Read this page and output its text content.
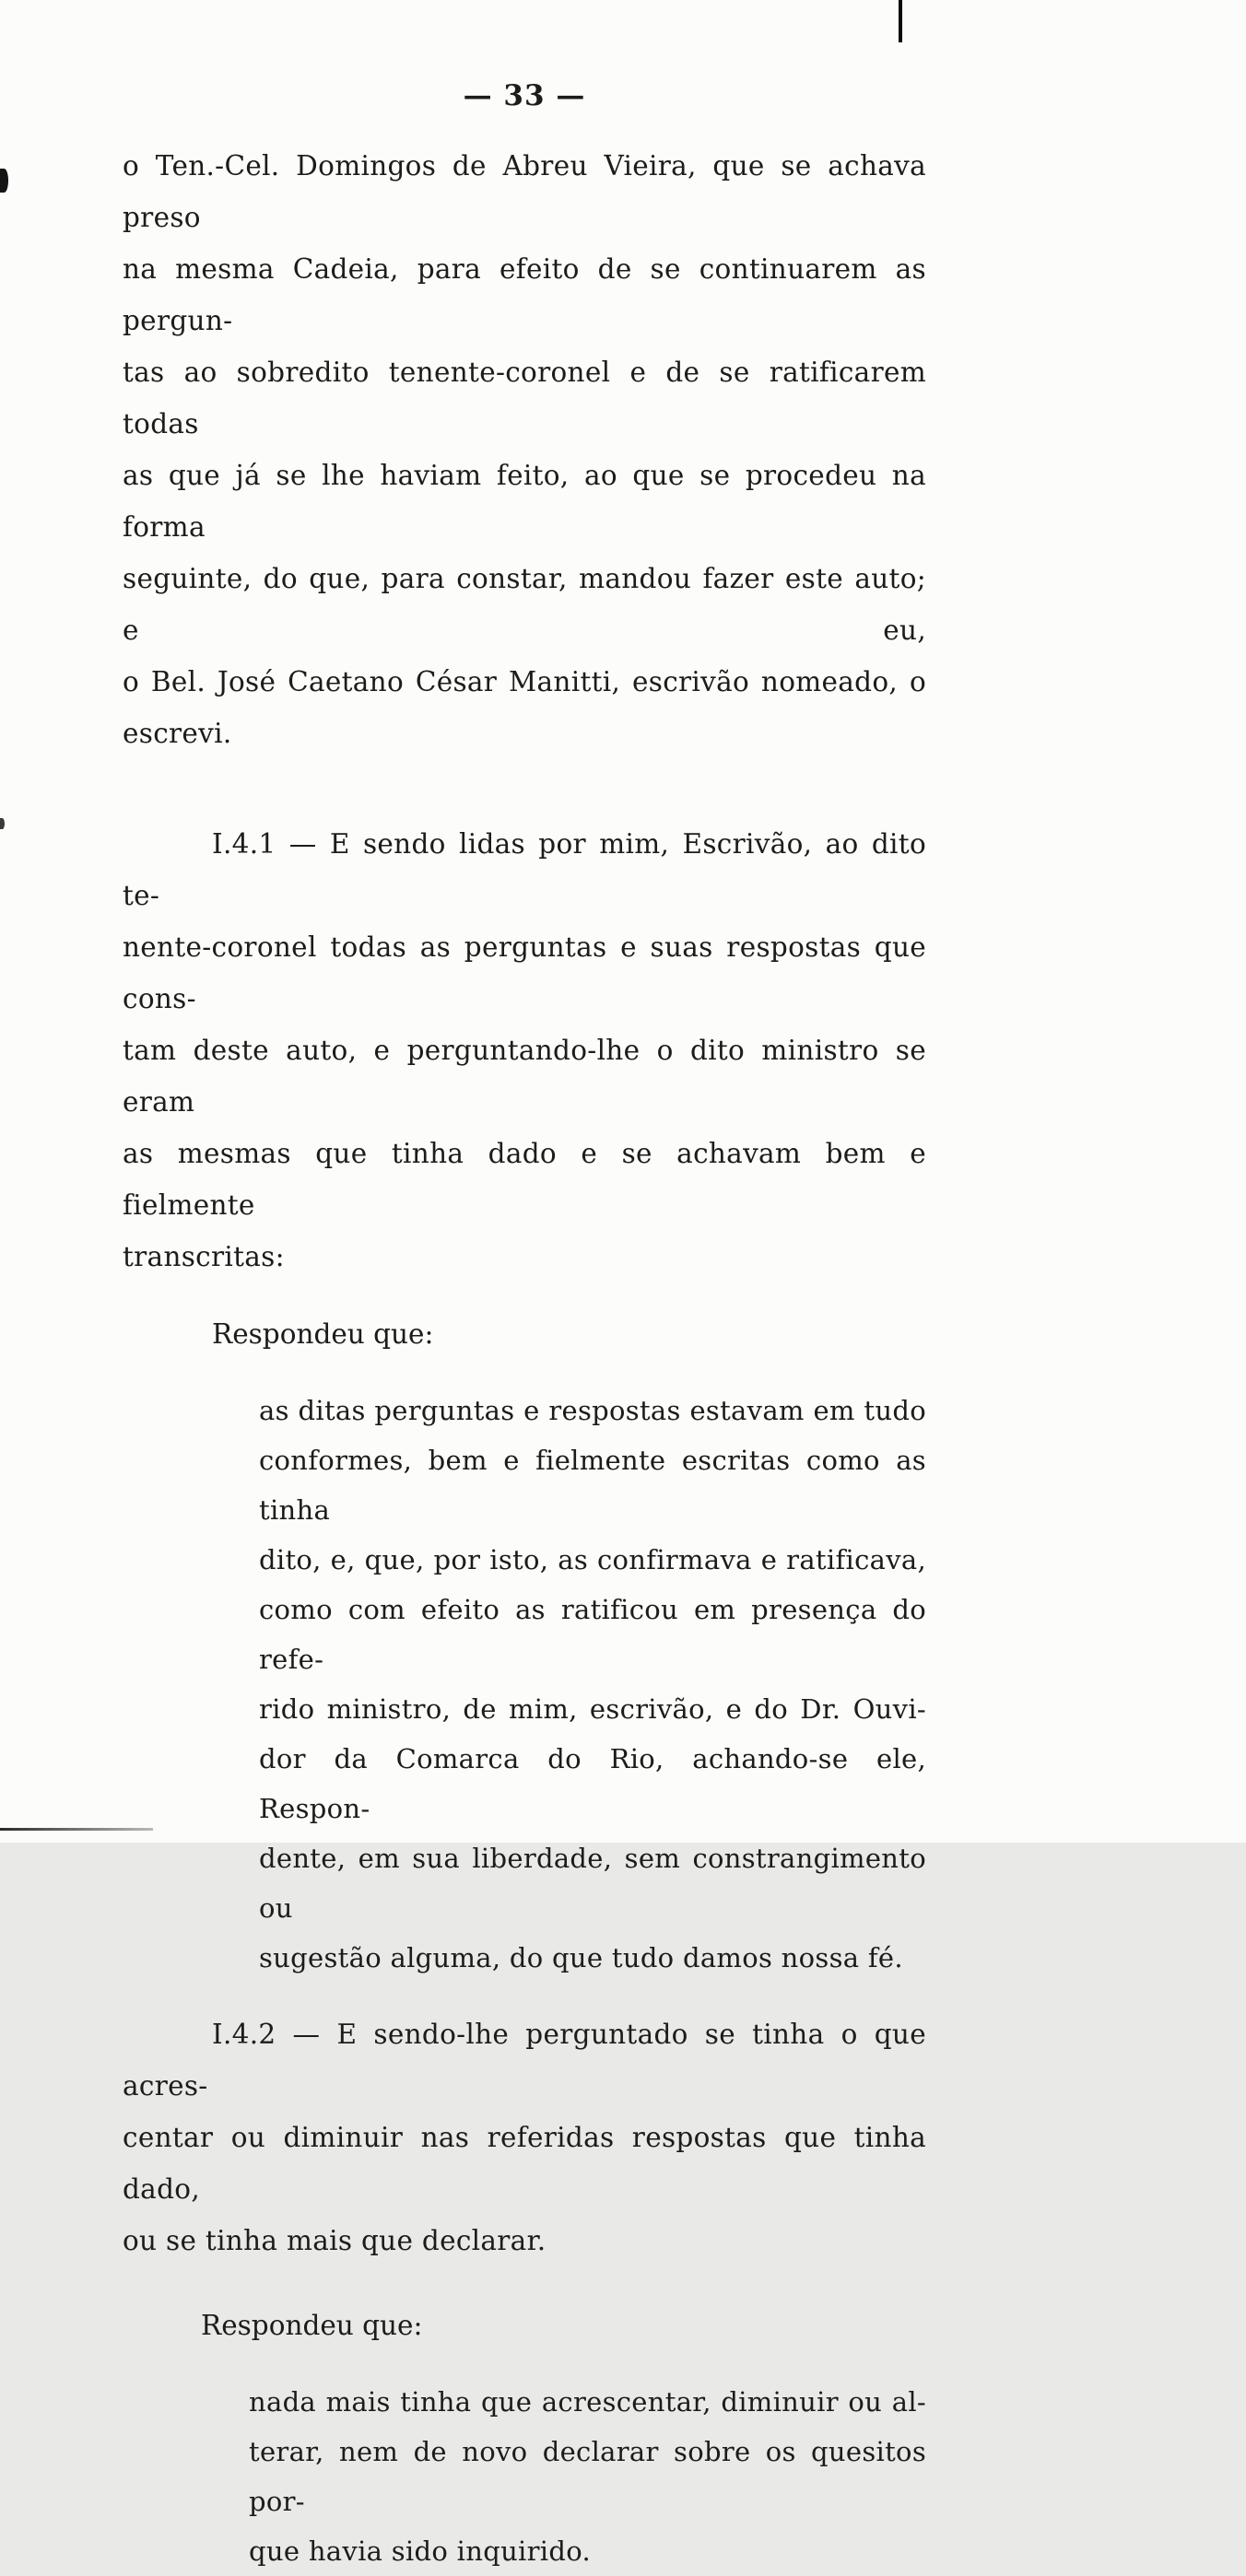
— 33 —
o Ten.-Cel. Domingos de Abreu Vieira, que se achava preso
na mesma Cadeia, para efeito de se continuarem as pergun-
tas ao sobredito tenente-coronel e de se ratificarem todas
as que já se lhe haviam feito, ao que se procedeu na forma
seguinte, do que, para constar, mandou fazer este auto; e eu,
o Bel. José Caetano César Manitti, escrivão nomeado, o
escrevi.
I.4.1 — E sendo lidas por mim, Escrivão, ao dito te-
nente-coronel todas as perguntas e suas respostas que cons-
tam deste auto, e perguntando-lhe o dito ministro se eram
as mesmas que tinha dado e se achavam bem e fielmente
transcritas:
Respondeu que:
as ditas perguntas e respostas estavam em tudo
conformes, bem e fielmente escritas como as tinha
dito, e, que, por isto, as confirmava e ratificava,
como com efeito as ratificou em presença do refe-
rido ministro, de mim, escrivão, e do Dr. Ouvi-
dor da Comarca do Rio, achando-se ele, Respon-
dente, em sua liberdade, sem constrangimento ou
sugestão alguma, do que tudo damos nossa fé.
I.4.2 — E sendo-lhe perguntado se tinha o que acres-
centar ou diminuir nas referidas respostas que tinha dado,
ou se tinha mais que declarar.
Respondeu que:
nada mais tinha que acrescentar, diminuir ou al-
terar, nem de novo declarar sobre os quesitos por-
que havia sido inquirido.
